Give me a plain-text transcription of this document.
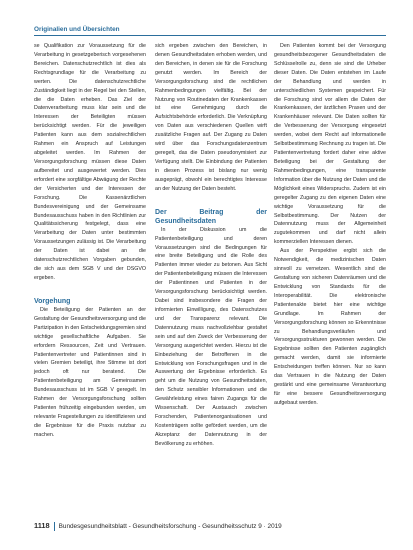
Originalien und Übersichten

se Qualifikation zur Voraussetzung für die Verarbeitung in gesetzgeberisch vorgesehenen Bereichen. Datenschutzrechtlich ist dies als Rechtsgrundlage für die Verarbeitung zu werten. Die datenschutzrechtliche Zuständigkeit liegt in der Regel bei den Stellen, die die Daten erheben. Das Ziel der Datenverarbeitung muss klar sein und die Interessen der Beteiligten müssen berücksichtigt werden. Für die jeweiligen Patienten kann aus dem sozialrechtlichen Rahmen ein Anspruch auf Leistungen abgeleitet werden. Im Rahmen der Versorgungsforschung müssen diese Daten aufbereitet und ausgewertet werden. Dies erfordert eine sorgfältige Abwägung der Rechte der Versicherten und der Interessen der Forschung. Die Kassenärztlichen Bundesvereinigung und der Gemeinsame Bundesausschuss haben in den Richtlinien zur Qualitätssicherung festgelegt, dass eine Verarbeitung der Daten unter bestimmten Voraussetzungen zulässig ist. Die Verarbeitung der Daten ist dabei an die datenschutzrechtlichen Vorgaben gebunden, die sich aus dem SGB V und der DSGVO ergeben.

Vorgehung

Die Beteiligung der Patienten an der Gestaltung der Gesundheitsversorgung und die Partizipation in den Entscheidungsgremien sind wichtige gesellschaftliche Aufgaben. Sie erfordern Ressourcen, Zeit und Vertrauen. Patientenvertreter und Patientinnen sind in vielen Gremien beteiligt, ihre Stimme ist dort jedoch oft nur beratend. Die Patientenbeteiligung am Gemeinsamen Bundesausschuss ist im SGB V geregelt. Im Rahmen der Versorgungsforschung sollten Patienten frühzeitig eingebunden werden, um relevante Fragestellungen zu identifizieren und die Ergebnisse für die Praxis nutzbar zu machen.

sich ergeben zwischen den Bereichen, in denen Gesundheitsdaten erhoben werden, und den Bereichen, in denen sie für die Forschung genutzt werden. Im Bereich der Versorgungsforschung sind die rechtlichen Rahmenbedingungen vielfältig. Bei der Nutzung von Routinedaten der Krankenkassen ist eine Genehmigung durch die Aufsichtsbehörde erforderlich. Die Verknüpfung von Daten aus verschiedenen Quellen wirft zusätzliche Fragen auf. Der Zugang zu Daten wird über das Forschungsdatenzentrum geregelt, das die Daten pseudonymisiert zur Verfügung stellt. Die Einbindung der Patienten in diesen Prozess ist bislang nur wenig ausgeprägt, obwohl ein berechtigtes Interesse an der Nutzung der Daten besteht.

Der Beitrag der Gesundheitsdaten

In der Diskussion um die Patientenbeteiligung und deren Voraussetzungen sind die Bedingungen für eine breite Beteiligung und die Rolle des Patienten immer wieder zu betonen. Aus Sicht der Patientenbeteiligung müssen die Interessen der Patientinnen und Patienten in der Versorgungsforschung berücksichtigt werden. Dabei sind insbesondere die Fragen der informierten Einwilligung, des Datenschutzes und der Transparenz relevant. Die Datennutzung muss nachvollziehbar gestaltet sein und auf den Zweck der Verbesserung der Versorgung ausgerichtet werden. Hierzu ist die Einbeziehung der Betroffenen in die Entwicklung von Forschungsfragen und in die Auswertung der Ergebnisse erforderlich. Es geht um die Nutzung von Gesundheitsdaten, den Schutz sensibler Informationen und die Gewährleistung eines fairen Zugangs für die Wissenschaft. Der Austausch zwischen Forschenden, Patientenorganisationen und Kostenträgern sollte gefördert werden, um die Akzeptanz der Datennutzung in der Bevölkerung zu erhöhen.

Den Patienten kommt bei der Versorgung gesundheitsbezogener Gesundheitsdaten die Schlüsselrolle zu, denn sie sind die Urheber dieser Daten. Die Daten entstehen im Laufe der Behandlung und werden in unterschiedlichen Systemen gespeichert. Für die Forschung sind vor allem die Daten der Krankenkassen, der ärztlichen Praxen und der Krankenhäuser relevant. Die Daten sollten für die Verbesserung der Versorgung eingesetzt werden, wobei dem Recht auf informationelle Selbstbestimmung Rechnung zu tragen ist. Die Patientenvertretung fordert daher eine aktive Beteiligung bei der Gestaltung der Rahmenbedingungen, eine transparente Information über die Nutzung der Daten und die Möglichkeit eines Widerspruchs. Zudem ist ein geregelter Zugang zu den eigenen Daten eine wichtige Voraussetzung für die Selbstbestimmung. Der Nutzen der Datennutzung muss der Allgemeinheit zugutekommen und darf nicht allein kommerziellen Interessen dienen.

Aus der Perspektive ergibt sich die Notwendigkeit, die medizinischen Daten sinnvoll zu vernetzen. Wesentlich sind die Gestaltung von sicheren Datenräumen und die Entwicklung von Standards für die Interoperabilität. Die elektronische Patientenakte bietet hier eine wichtige Grundlage. Im Rahmen der Versorgungsforschung können so Erkenntnisse zu Behandlungsverläufen und Versorgungsstrukturen gewonnen werden. Die Ergebnisse sollten den Patienten zugänglich gemacht werden, damit sie informierte Entscheidungen treffen können. Nur so kann das Vertrauen in die Nutzung der Daten gestärkt und eine gemeinsame Verantwortung für eine bessere Gesundheitsversorgung aufgebaut werden.

1118 Bundesgesundheitsblatt - Gesundheitsforschung - Gesundheitsschutz 9 · 2019
